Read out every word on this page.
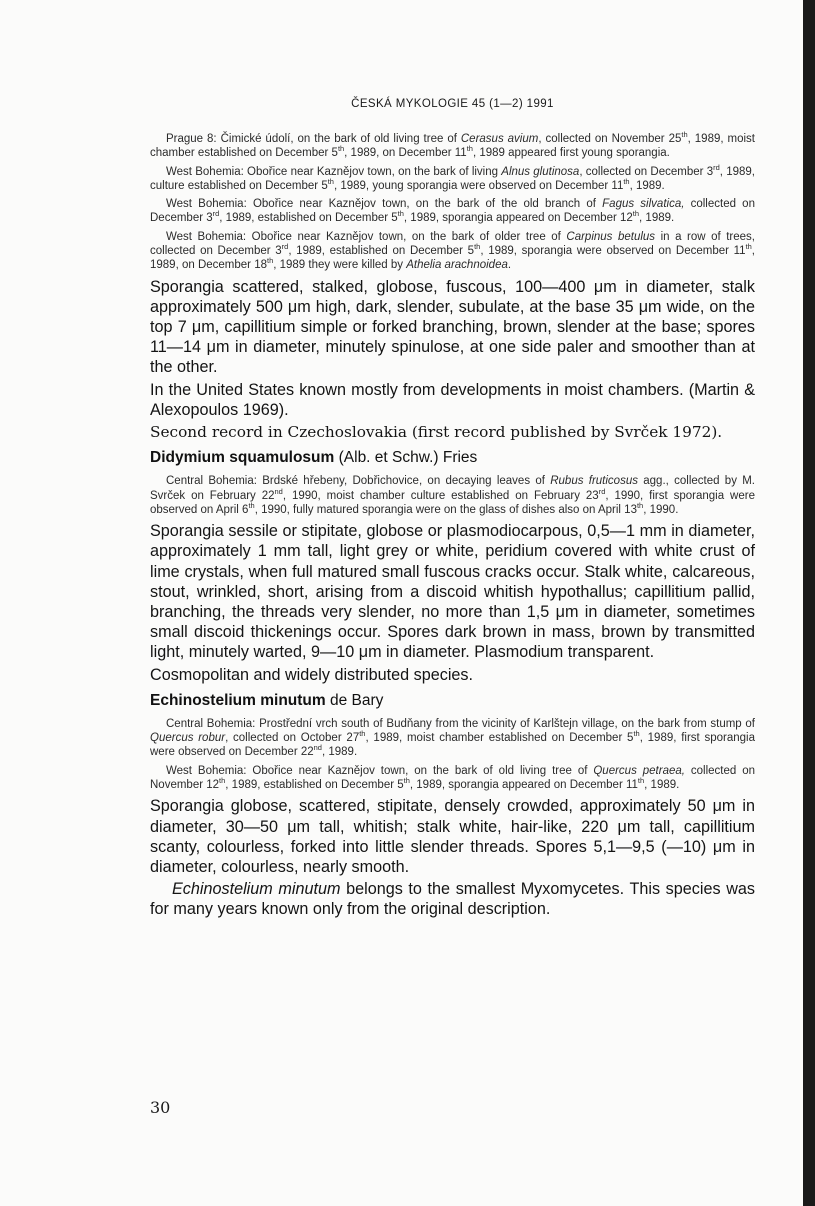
ČESKÁ MYKOLOGIE 45 (1—2) 1991

Prague 8: Čimické údolí, on the bark of old living tree of Cerasus avium, collected on November 25th, 1989, moist chamber established on December 5th, 1989, on December 11th, 1989 appeared first young sporangia.

West Bohemia: Obořice near Kaznějov town, on the bark of living Alnus glutinosa, collected on December 3rd, 1989, culture established on December 5th, 1989, young sporangia were observed on December 11th, 1989.

West Bohemia: Obořice near Kaznějov town, on the bark of the old branch of Fagus silvatica, collected on December 3rd, 1989, established on December 5th, 1989, sporangia appeared on December 12th, 1989.

West Bohemia: Obořice near Kaznějov town, on the bark of older tree of Carpinus betulus in a row of trees, collected on December 3rd, 1989, established on December 5th, 1989, sporangia were observed on December 11th, 1989, on December 18th, 1989 they were killed by Athelia arachnoidea.

Sporangia scattered, stalked, globose, fuscous, 100—400 μm in diameter, stalk approximately 500 μm high, dark, slender, subulate, at the base 35 μm wide, on the top 7 μm, capillitium simple or forked branching, brown, slender at the base; spores 11—14 μm in diameter, minutely spinulose, at one side paler and smoother than at the other.

In the United States known mostly from developments in moist chambers. (Martin & Alexopoulos 1969).

Second record in Czechoslovakia (first record published by Svrček 1972).

Didymium squamulosum (Alb. et Schw.) Fries

Central Bohemia: Brdské hřebeny, Dobřichovice, on decaying leaves of Rubus fruticosus agg., collected by M. Svrček on February 22nd, 1990, moist chamber culture established on February 23rd, 1990, first sporangia were observed on April 6th, 1990, fully matured sporangia were on the glass of dishes also on April 13th, 1990.

Sporangia sessile or stipitate, globose or plasmodiocarpous, 0,5—1 mm in diameter, approximately 1 mm tall, light grey or white, peridium covered with white crust of lime crystals, when full matured small fuscous cracks occur. Stalk white, calcareous, stout, wrinkled, short, arising from a discoid whitish hypothallus; capillitium pallid, branching, the threads very slender, no more than 1,5 μm in diameter, sometimes small discoid thickenings occur. Spores dark brown in mass, brown by transmitted light, minutely warted, 9—10 μm in diameter. Plasmodium transparent.

Cosmopolitan and widely distributed species.

Echinostelium minutum de Bary

Central Bohemia: Prostřední vrch south of Budňany from the vicinity of Karlštejn village, on the bark from stump of Quercus robur, collected on October 27th, 1989, moist chamber established on December 5th, 1989, first sporangia were observed on December 22nd, 1989.

West Bohemia: Obořice near Kaznějov town, on the bark of old living tree of Quercus petraea, collected on November 12th, 1989, established on December 5th, 1989, sporangia appeared on December 11th, 1989.

Sporangia globose, scattered, stipitate, densely crowded, approximately 50 μm in diameter, 30—50 μm tall, whitish; stalk white, hair-like, 220 μm tall, capillitium scanty, colourless, forked into little slender threads. Spores 5,1—9,5 (—10) μm in diameter, colourless, nearly smooth.

Echinostelium minutum belongs to the smallest Myxomycetes. This species was for many years known only from the original description.

30
